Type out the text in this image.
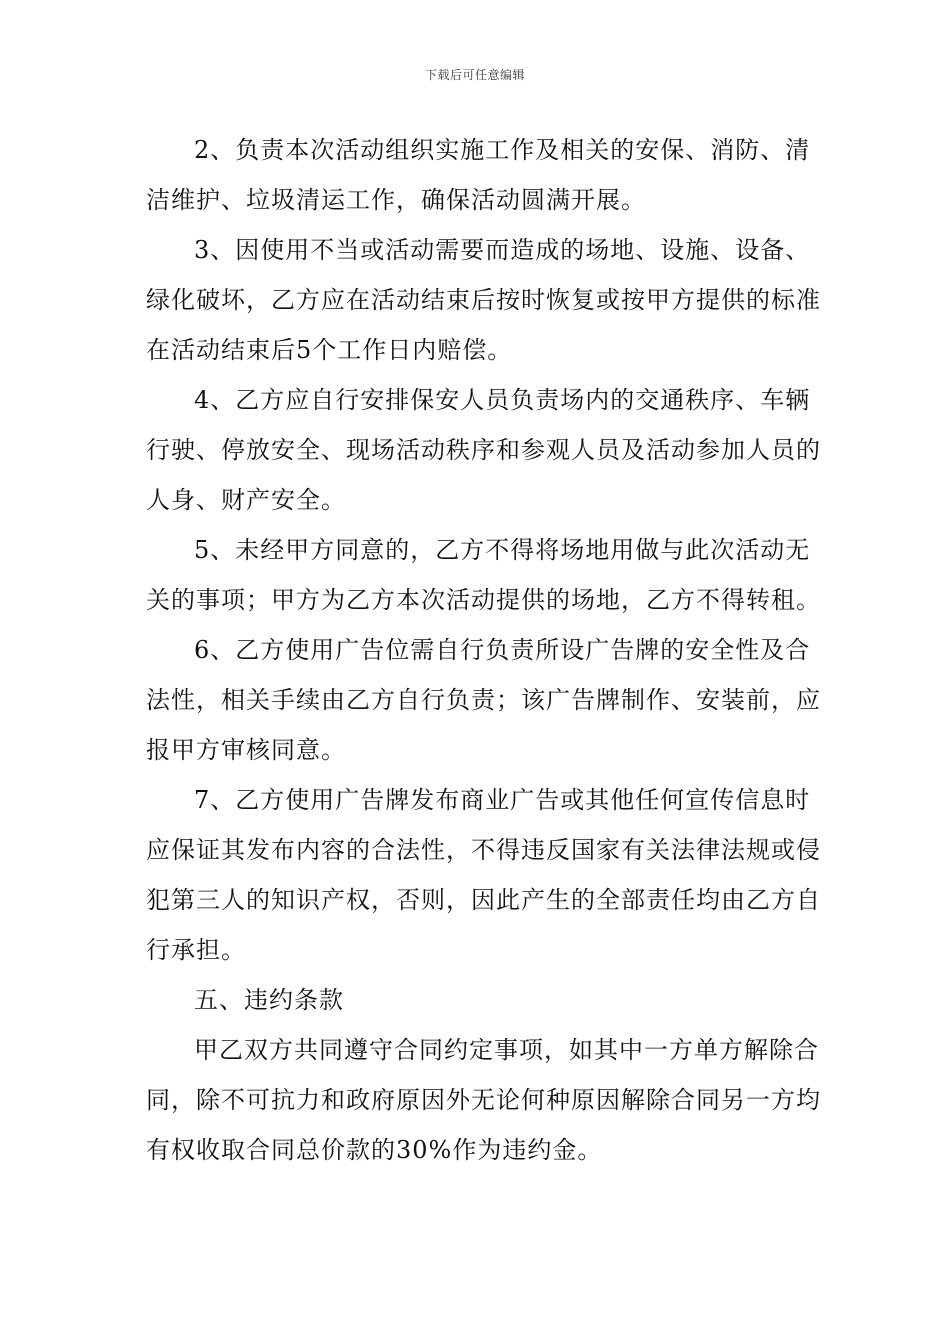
下载后可任意编辑

2、负责本次活动组织实施工作及相关的安保、消防、清洁维护、垃圾清运工作，确保活动圆满开展。

3、因使用不当或活动需要而造成的场地、设施、设备、绿化破坏，乙方应在活动结束后按时恢复或按甲方提供的标准在活动结束后5个工作日内赔偿。

4、乙方应自行安排保安人员负责场内的交通秩序、车辆行驶、停放安全、现场活动秩序和参观人员及活动参加人员的人身、财产安全。

5、未经甲方同意的，乙方不得将场地用做与此次活动无关的事项；甲方为乙方本次活动提供的场地，乙方不得转租。

6、乙方使用广告位需自行负责所设广告牌的安全性及合法性，相关手续由乙方自行负责；该广告牌制作、安装前，应报甲方审核同意。

7、乙方使用广告牌发布商业广告或其他任何宣传信息时应保证其发布内容的合法性，不得违反国家有关法律法规或侵犯第三人的知识产权，否则，因此产生的全部责任均由乙方自行承担。

五、违约条款

甲乙双方共同遵守合同约定事项，如其中一方单方解除合同，除不可抗力和政府原因外无论何种原因解除合同另一方均有权收取合同总价款的30%作为违约金。
